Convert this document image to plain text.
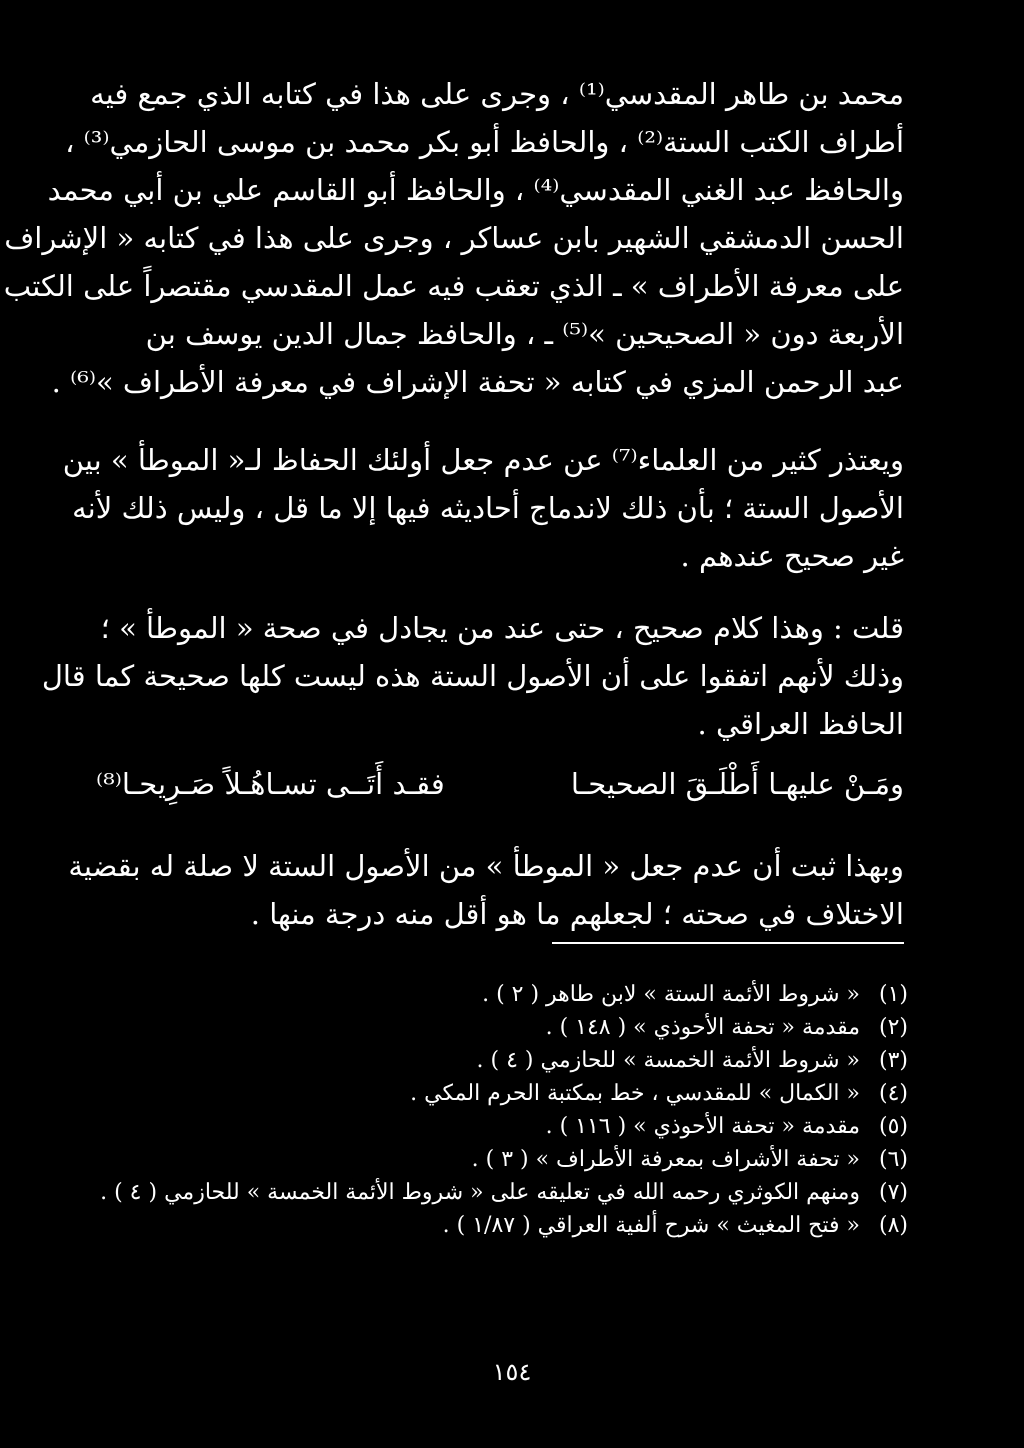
محمد بن طاهر المقدسي⁽¹⁾ ، وجرى على هذا في كتابه الذي جمع فيه
أطراف الكتب الستة⁽²⁾ ، والحافظ أبو بكر محمد بن موسى الحازمي⁽³⁾ ،
والحافظ عبد الغني المقدسي⁽⁴⁾ ، والحافظ أبو القاسم علي بن أبي محمد
الحسن الدمشقي الشهير بابن عساكر ، وجرى على هذا في كتابه « الإشراف
على معرفة الأطراف » ـ الذي تعقب فيه عمل المقدسي مقتصراً على الكتب
الأربعة دون « الصحيحين »⁽⁵⁾ ـ ، والحافظ جمال الدين يوسف بن
عبد الرحمن المزي في كتابه « تحفة الإشراف في معرفة الأطراف »⁽⁶⁾ .
ويعتذر كثير من العلماء⁽⁷⁾ عن عدم جعل أولئك الحفاظ لـ« الموطأ » بين
الأصول الستة ؛ بأن ذلك لاندماج أحاديثه فيها إلا ما قل ، وليس ذلك لأنه
غير صحيح عندهم .
قلت : وهذا كلام صحيح ، حتى عند من يجادل في صحة « الموطأ » ؛
وذلك لأنهم اتفقوا على أن الأصول الستة هذه ليست كلها صحيحة كما قال
الحافظ العراقي .
ومَـنْ عليهـا أَطْلَـقَ الصحيحـا
فقـد أَتَــى تسـاهُـلاً صَـرِيحـا⁽⁸⁾
وبهذا ثبت أن عدم جعل « الموطأ » من الأصول الستة لا صلة له بقضية
الاختلاف في صحته ؛ لجعلهم ما هو أقل منه درجة منها .
(١)
« شروط الأئمة الستة » لابن طاهر ( ٢ ) .
(٢)
مقدمة « تحفة الأحوذي » ( ١٤٨ ) .
(٣)
« شروط الأئمة الخمسة » للحازمي ( ٤ ) .
(٤)
« الكمال » للمقدسي ، خط بمكتبة الحرم المكي .
(٥)
مقدمة « تحفة الأحوذي » ( ١١٦ ) .
(٦)
« تحفة الأشراف بمعرفة الأطراف » ( ٣ ) .
(٧)
ومنهم الكوثري رحمه الله في تعليقه على « شروط الأئمة الخمسة » للحازمي ( ٤ ) .
(٨)
« فتح المغيث » شرح ألفية العراقي ( ١/٨٧ ) .
١٥٤
